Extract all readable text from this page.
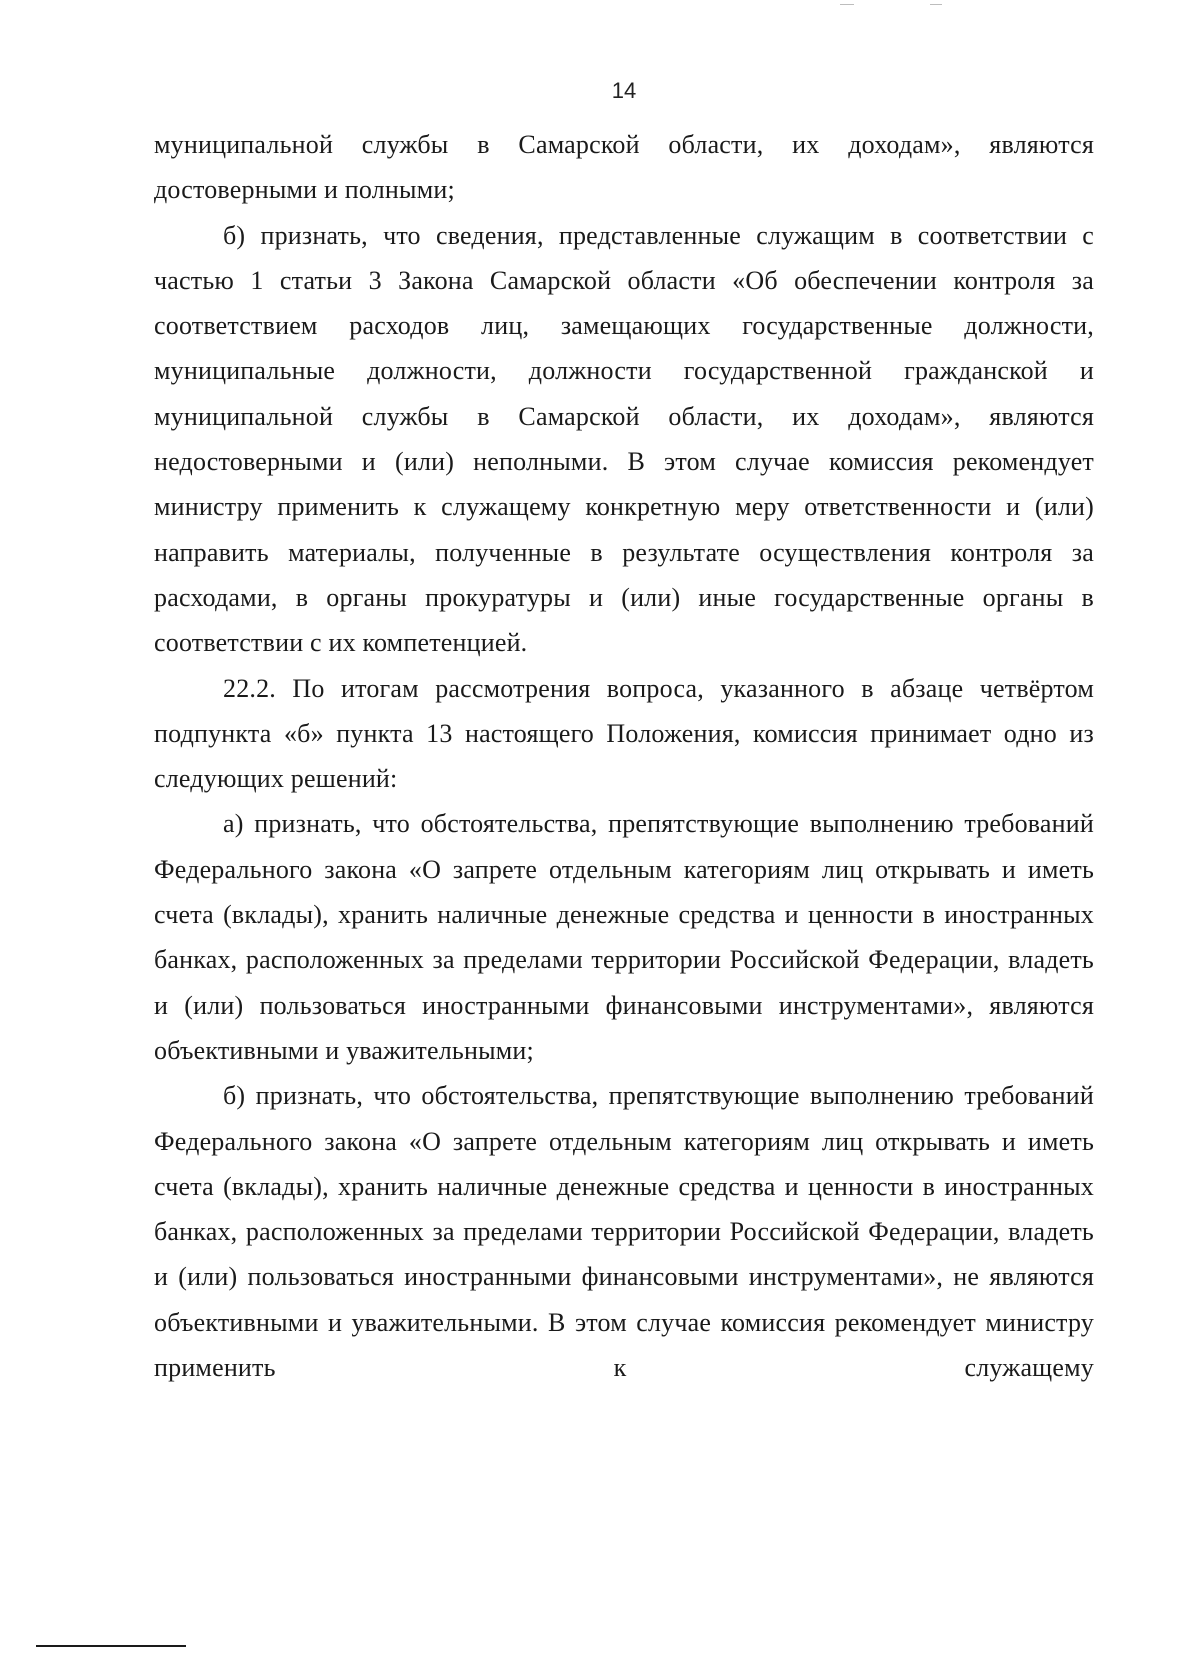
14

муниципальной службы в Самарской области, их доходам», являются достоверными и полными;

б) признать, что сведения, представленные служащим в соответствии с частью 1 статьи 3 Закона Самарской области «Об обеспечении контроля за соответствием расходов лиц, замещающих государственные должности, муниципальные должности, должности государственной гражданской и муниципальной службы в Самарской области, их доходам», являются недостоверными и (или) неполными. В этом случае комиссия рекомендует министру применить к служащему конкретную меру ответственности и (или) направить материалы, полученные в результате осуществления контроля за расходами, в органы прокуратуры и (или) иные государственные органы в соответствии с их компетенцией.

22.2. По итогам рассмотрения вопроса, указанного в абзаце четвёртом подпункта «б» пункта 13 настоящего Положения, комиссия принимает одно из следующих решений:

а) признать, что обстоятельства, препятствующие выполнению требований Федерального закона «О запрете отдельным категориям лиц открывать и иметь счета (вклады), хранить наличные денежные средства и ценности в иностранных банках, расположенных за пределами территории Российской Федерации, владеть и (или) пользоваться иностранными финансовыми инструментами», являются объективными и уважительными;

б) признать, что обстоятельства, препятствующие выполнению требований Федерального закона «О запрете отдельным категориям лиц открывать и иметь счета (вклады), хранить наличные денежные средства и ценности в иностранных банках, расположенных за пределами территории Российской Федерации, владеть и (или) пользоваться иностранными финансовыми инструментами», не являются объективными и уважительными. В этом случае комиссия рекомендует министру применить к служащему
